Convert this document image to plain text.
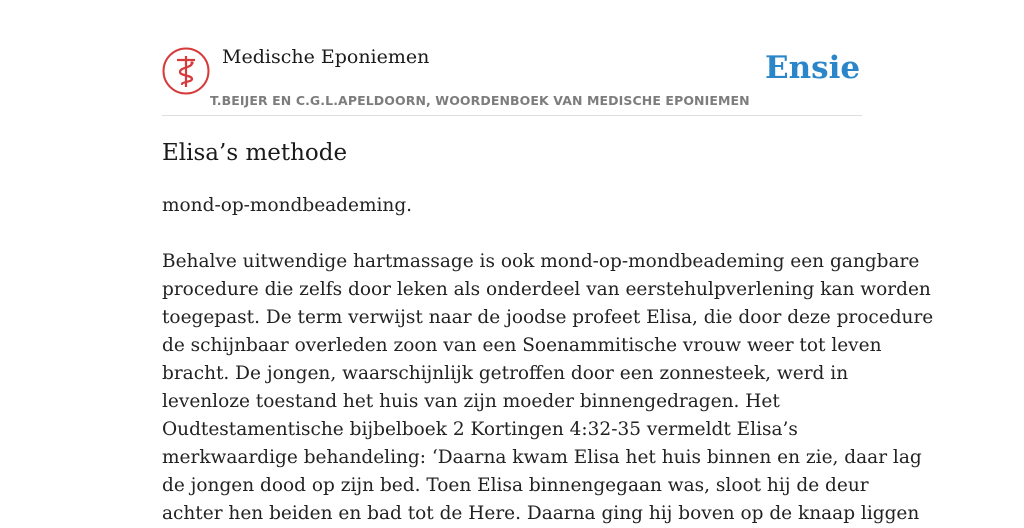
Medische Eponiemen
T.BEIJER EN C.G.L.APELDOORN, WOORDENBOEK VAN MEDISCHE EPONIEMEN
Ensie
Elisa’s methode

mond-op-mondbeademing.

Behalve uitwendige hartmassage is ook mond-op-mondbeademing een gangbare
procedure die zelfs door leken als onderdeel van eerstehulpverlening kan worden
toegepast. De term verwijst naar de joodse profeet Elisa, die door deze procedure
de schijnbaar overleden zoon van een Soenammitische vrouw weer tot leven
bracht. De jongen, waarschijnlijk getroffen door een zonnesteek, werd in
levenloze toestand het huis van zijn moeder binnengedragen. Het
Oudtestamentische bijbelboek 2 Kortingen 4:32-35 vermeldt Elisa’s
merkwaardige behandeling: ‘Daarna kwam Elisa het huis binnen en zie, daar lag
de jongen dood op zijn bed. Toen Elisa binnengegaan was, sloot hij de deur
achter hen beiden en bad tot de Here. Daarna ging hij boven op de knaap liggen
